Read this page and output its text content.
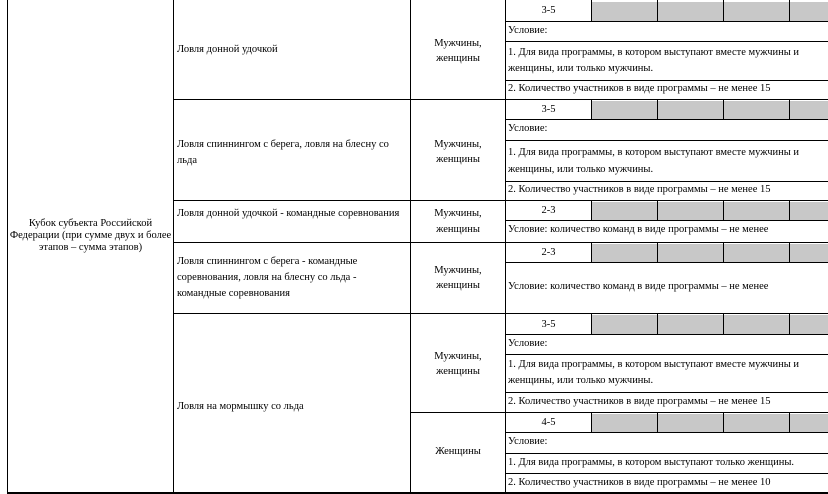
Кубок субъекта Российской Федерации (при сумме двух и более этапов – сумма этапов)
Ловля донной удочкой
Ловля спиннингом с берега, ловля на блесну со льда
Ловля донной удочкой - командные соревнования
Ловля спиннингом с берега - командные соревнования, ловля на блесну со льда - командные соревнования
Ловля на мормышку со льда
Мужчины, женщины
Мужчины, женщины
Мужчины, женщины
Мужчины, женщины
Мужчины, женщины
Женщины
3-5
3-5
2-3
2-3
3-5
4-5
Условие:
1. Для вида программы, в котором выступают вместе мужчины и женщины, или только мужчины.
2. Количество участников в виде программы – не менее 15
Условие:
1. Для вида программы, в котором выступают вместе мужчины и женщины, или только мужчины.
2. Количество участников в виде программы – не менее 15
Условие: количество команд в виде программы – не менее
Условие: количество команд в виде программы – не менее
Условие:
1. Для вида программы, в котором выступают вместе мужчины и женщины, или только мужчины.
2. Количество участников в виде программы – не менее 15
Условие:
1. Для вида программы, в котором выступают только женщины.
2. Количество участников в виде программы – не менее 10
